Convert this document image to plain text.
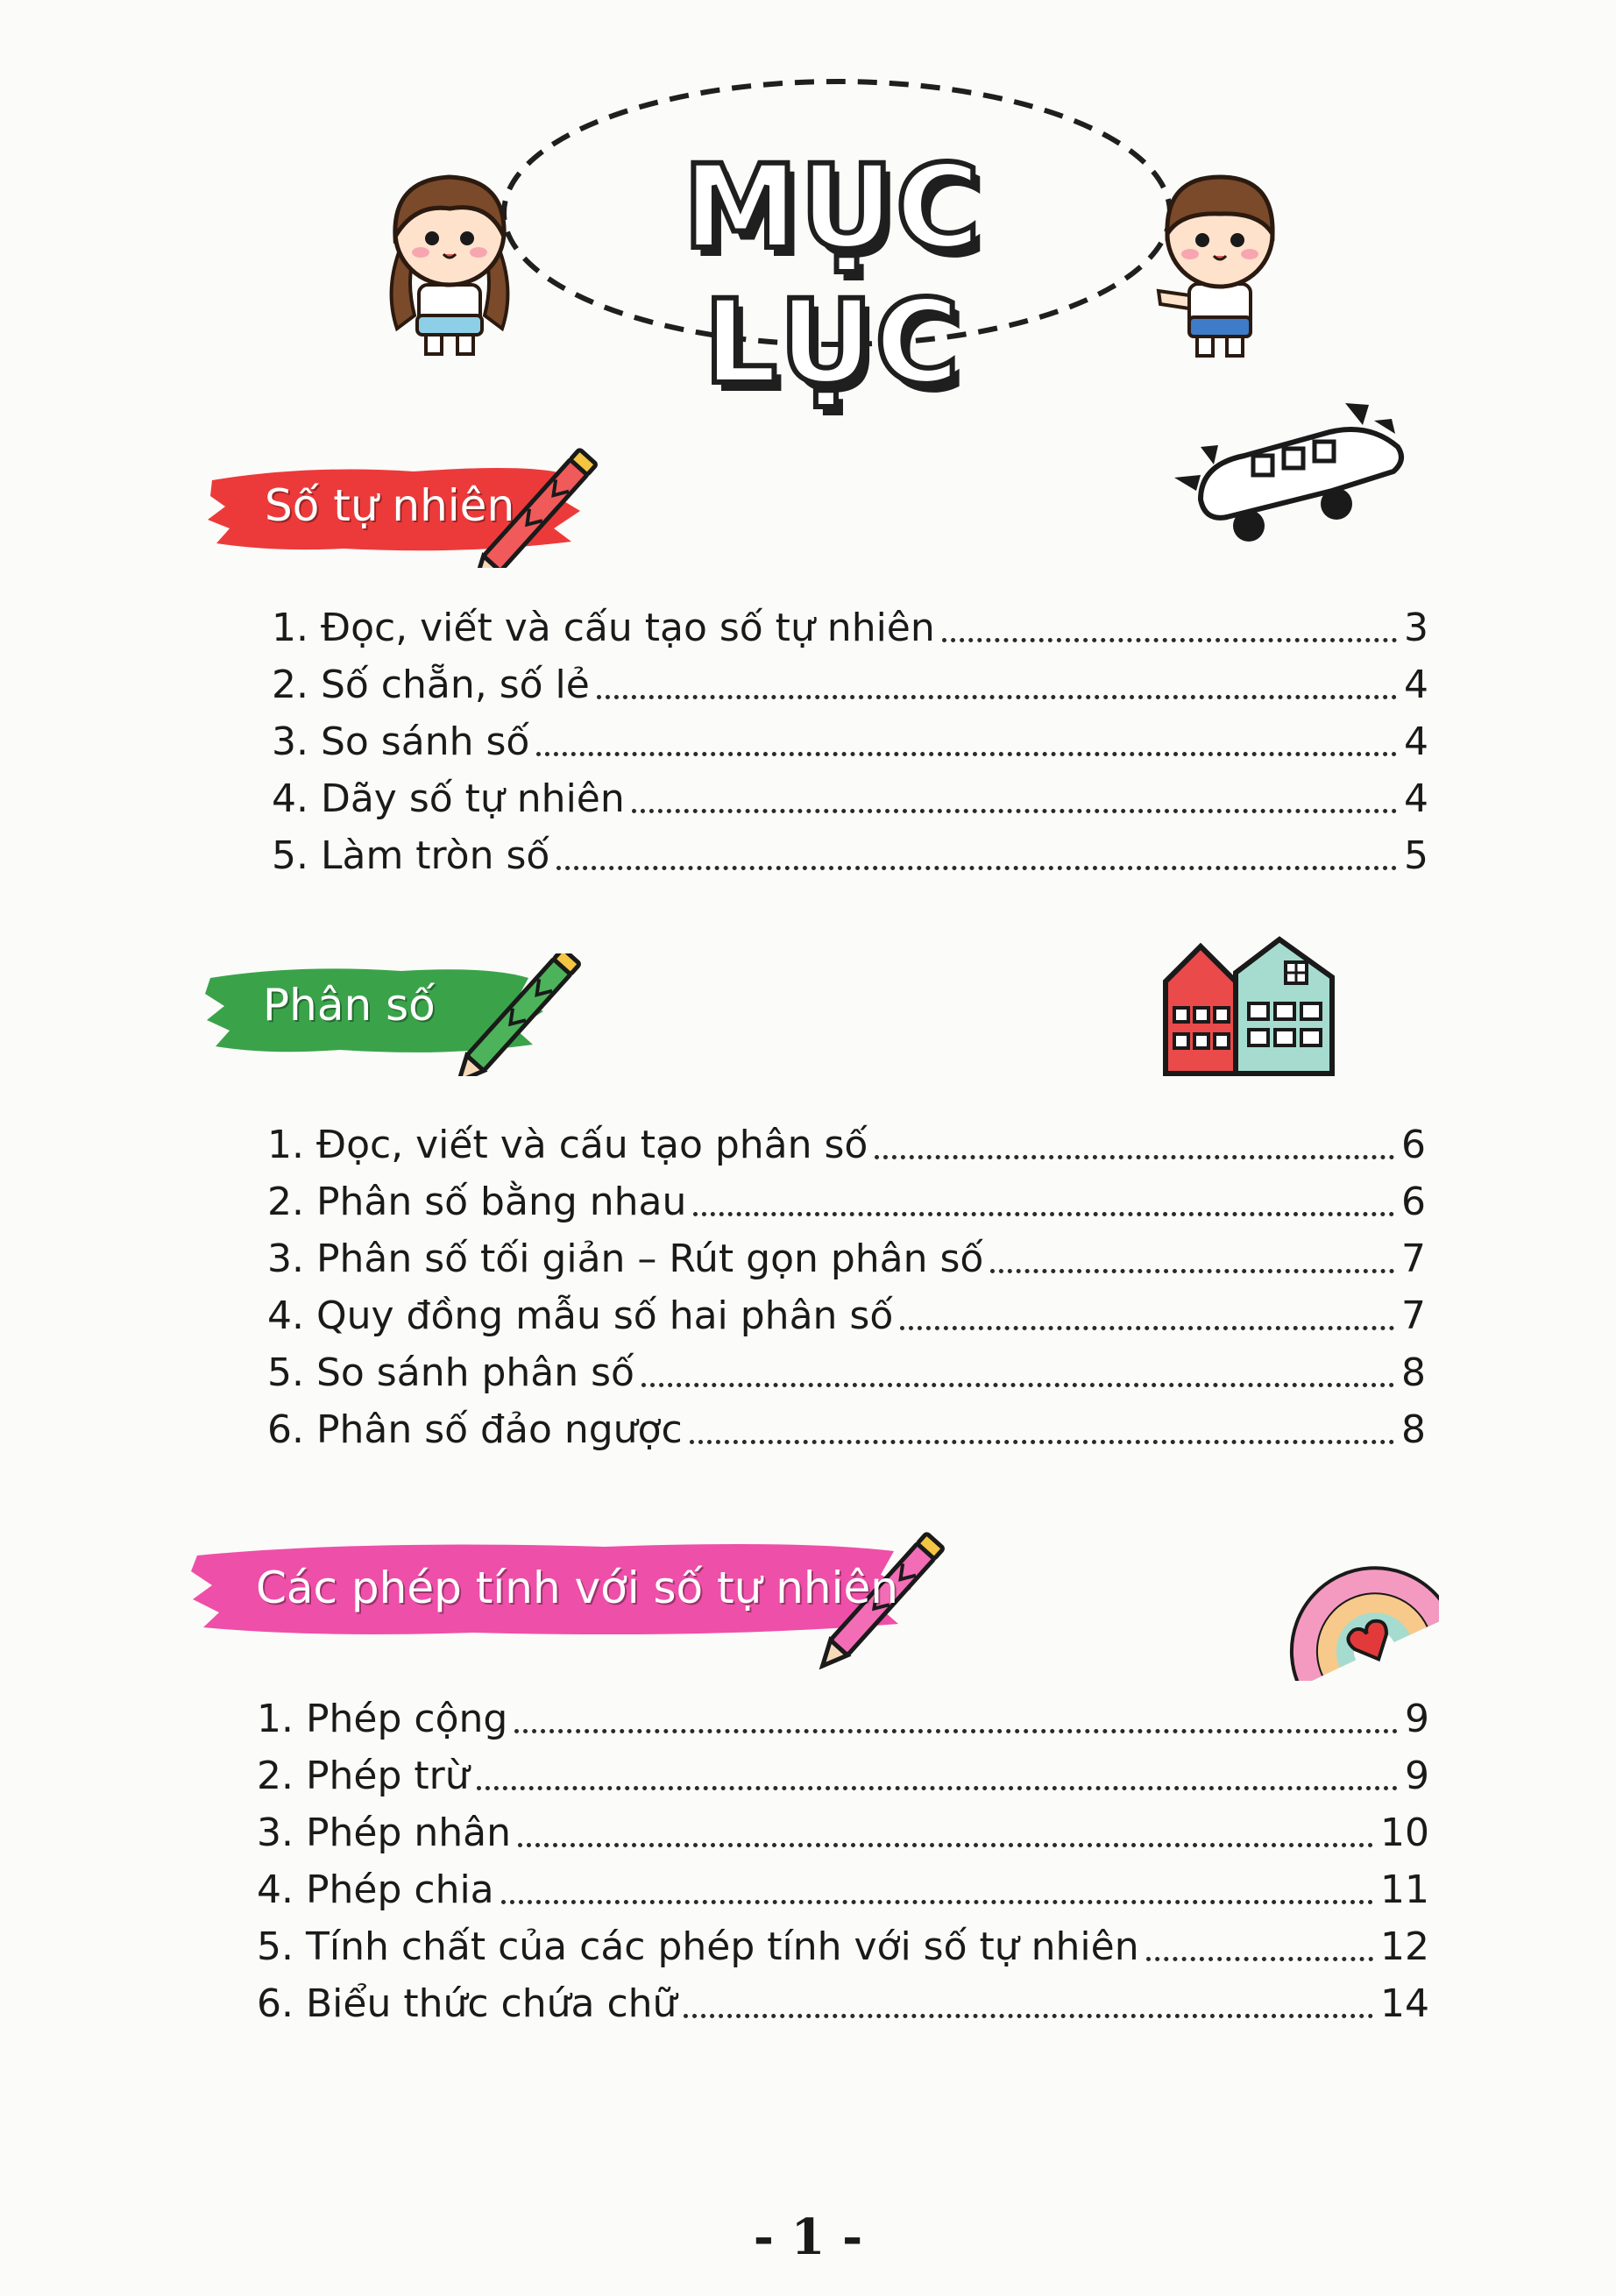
MỤC LỤC
Số tự nhiên
1. Đọc, viết và cấu tạo số tự nhiên	3
2. Số chẵn, số lẻ	4
3. So sánh số	4
4. Dãy số tự nhiên	4
5. Làm tròn số	5
Phân số
1. Đọc, viết và cấu tạo phân số	6
2. Phân số bằng nhau	6
3. Phân số tối giản – Rút gọn phân số	7
4. Quy đồng mẫu số hai phân số	7
5. So sánh phân số	8
6. Phân số đảo ngược	8
Các phép tính với số tự nhiên
1. Phép cộng	9
2. Phép trừ	9
3. Phép nhân	10
4. Phép chia	11
5. Tính chất của các phép tính với số tự nhiên	12
6. Biểu thức chứa chữ	14
- 1 -
